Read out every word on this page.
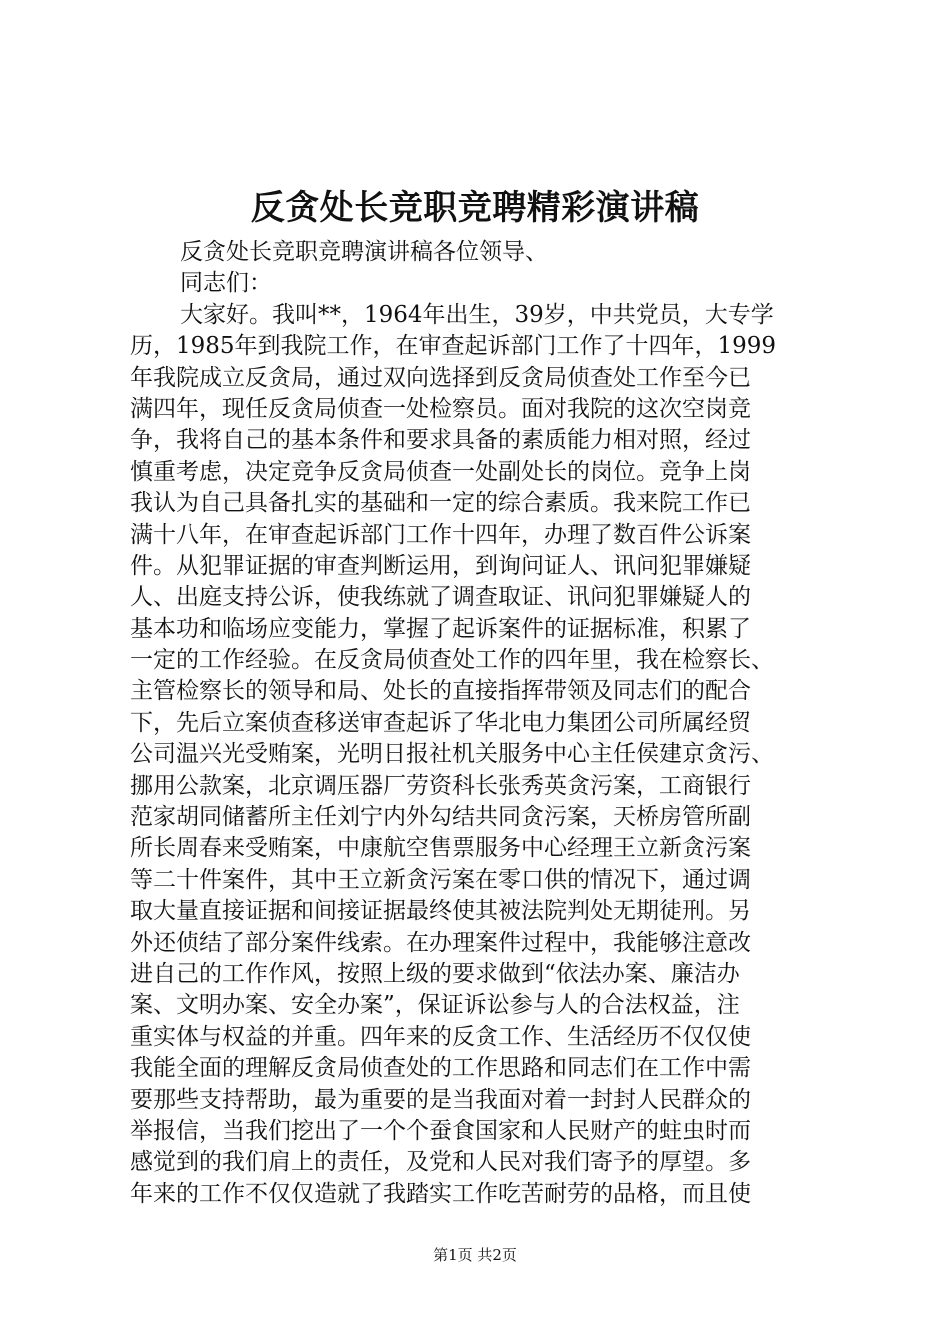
反贪处长竞职竞聘精彩演讲稿
反贪处长竞职竞聘演讲稿各位领导、
同志们：
大家好。我叫**，1964年出生，39岁，中共党员，大专学
历，1985年到我院工作，在审查起诉部门工作了十四年，1999
年我院成立反贪局，通过双向选择到反贪局侦查处工作至今已
满四年，现任反贪局侦查一处检察员。面对我院的这次空岗竞
争，我将自己的基本条件和要求具备的素质能力相对照，经过
慎重考虑，决定竞争反贪局侦查一处副处长的岗位。竞争上岗
我认为自己具备扎实的基础和一定的综合素质。我来院工作已
满十八年，在审查起诉部门工作十四年，办理了数百件公诉案
件。从犯罪证据的审查判断运用，到询问证人、讯问犯罪嫌疑
人、出庭支持公诉，使我练就了调查取证、讯问犯罪嫌疑人的
基本功和临场应变能力，掌握了起诉案件的证据标准，积累了
一定的工作经验。在反贪局侦查处工作的四年里，我在检察长、
主管检察长的领导和局、处长的直接指挥带领及同志们的配合
下，先后立案侦查移送审查起诉了华北电力集团公司所属经贸
公司温兴光受贿案，光明日报社机关服务中心主任侯建京贪污、
挪用公款案，北京调压器厂劳资科长张秀英贪污案，工商银行
范家胡同储蓄所主任刘宁内外勾结共同贪污案，天桥房管所副
所长周春来受贿案，中康航空售票服务中心经理王立新贪污案
等二十件案件，其中王立新贪污案在零口供的情况下，通过调
取大量直接证据和间接证据最终使其被法院判处无期徒刑。另
外还侦结了部分案件线索。在办理案件过程中，我能够注意改
进自己的工作作风，按照上级的要求做到“依法办案、廉洁办
案、文明办案、安全办案”，保证诉讼参与人的合法权益，注
重实体与权益的并重。四年来的反贪工作、生活经历不仅仅使
我能全面的理解反贪局侦查处的工作思路和同志们在工作中需
要那些支持帮助，最为重要的是当我面对着一封封人民群众的
举报信，当我们挖出了一个个蚕食国家和人民财产的蛀虫时而
感觉到的我们肩上的责任，及党和人民对我们寄予的厚望。多
年来的工作不仅仅造就了我踏实工作吃苦耐劳的品格，而且使
第1页 共2页
